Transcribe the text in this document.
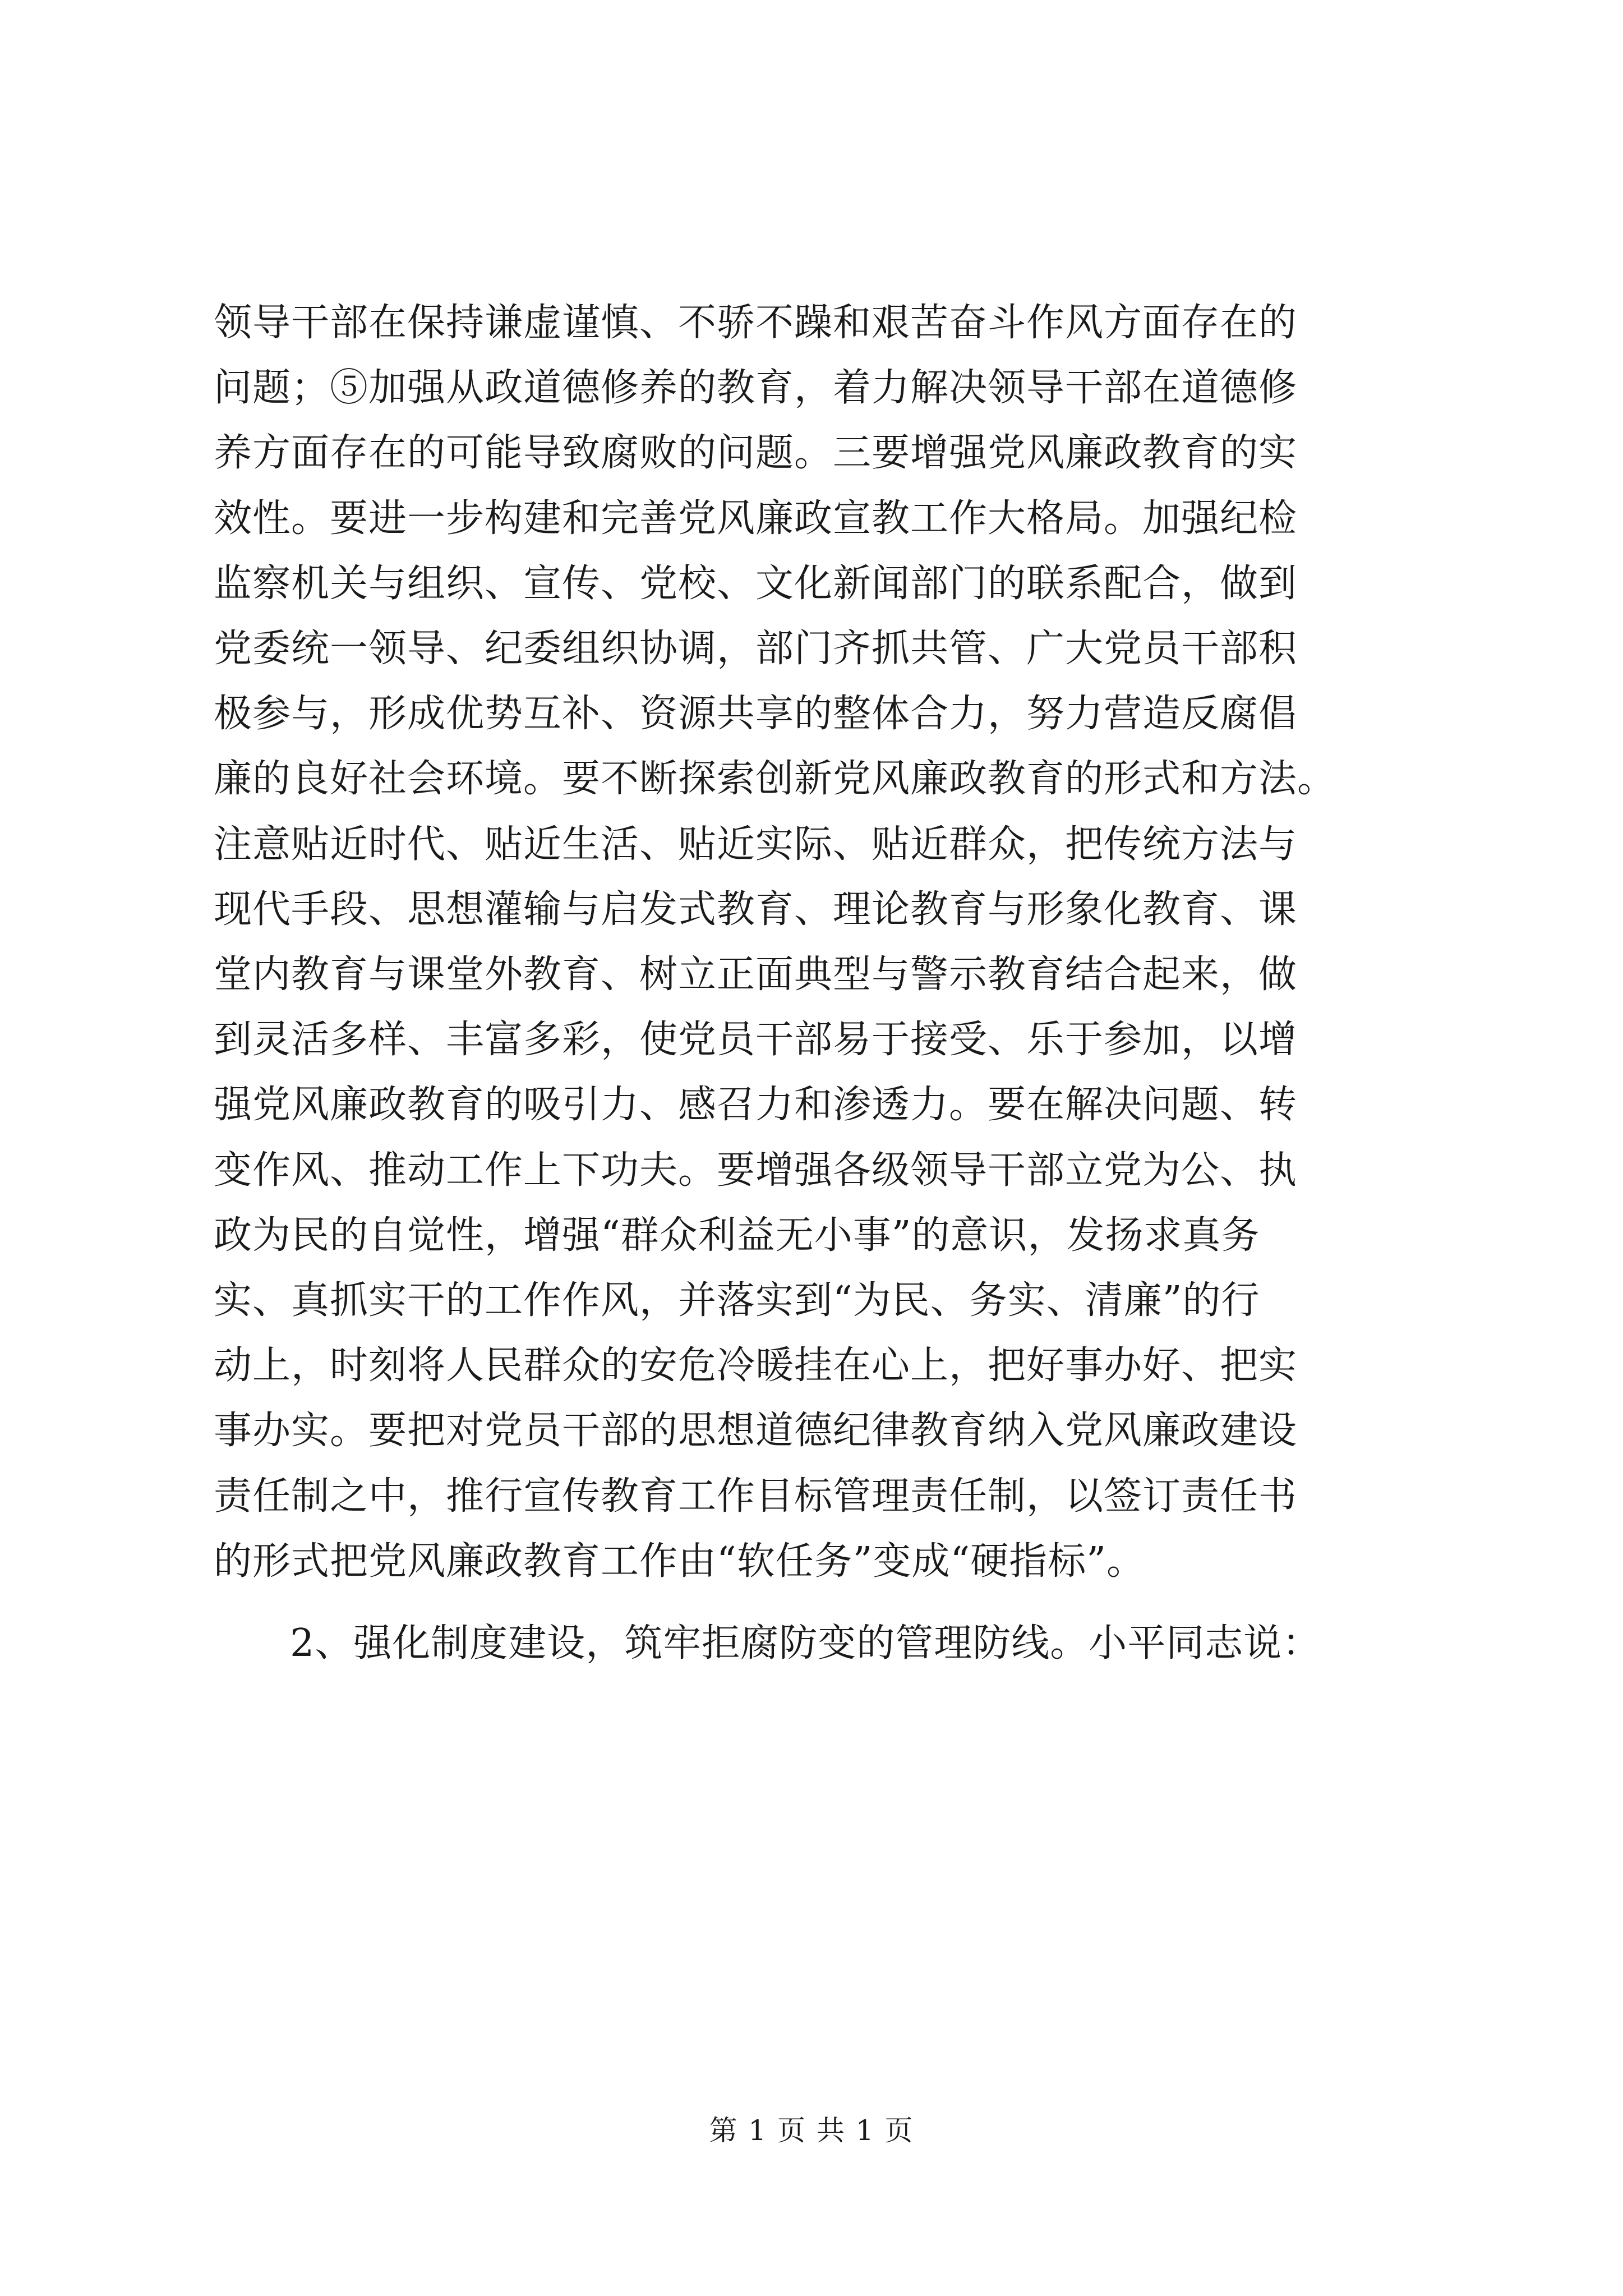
领导干部在保持谦虚谨慎、不骄不躁和艰苦奋斗作风方面存在的
问题；⑤加强从政道德修养的教育，着力解决领导干部在道德修
养方面存在的可能导致腐败的问题。三要增强党风廉政教育的实
效性。要进一步构建和完善党风廉政宣教工作大格局。加强纪检
监察机关与组织、宣传、党校、文化新闻部门的联系配合，做到
党委统一领导、纪委组织协调，部门齐抓共管、广大党员干部积
极参与，形成优势互补、资源共享的整体合力，努力营造反腐倡
廉的良好社会环境。要不断探索创新党风廉政教育的形式和方法。
注意贴近时代、贴近生活、贴近实际、贴近群众，把传统方法与
现代手段、思想灌输与启发式教育、理论教育与形象化教育、课
堂内教育与课堂外教育、树立正面典型与警示教育结合起来，做
到灵活多样、丰富多彩，使党员干部易于接受、乐于参加，以增
强党风廉政教育的吸引力、感召力和渗透力。要在解决问题、转
变作风、推动工作上下功夫。要增强各级领导干部立党为公、执
政为民的自觉性，增强“群众利益无小事”的意识，发扬求真务
实、真抓实干的工作作风，并落实到“为民、务实、清廉”的行
动上，时刻将人民群众的安危冷暖挂在心上，把好事办好、把实
事办实。要把对党员干部的思想道德纪律教育纳入党风廉政建设
责任制之中，推行宣传教育工作目标管理责任制，以签订责任书
的形式把党风廉政教育工作由“软任务”变成“硬指标”。
2、强化制度建设，筑牢拒腐防变的管理防线。小平同志说：
第 1 页 共 1 页
